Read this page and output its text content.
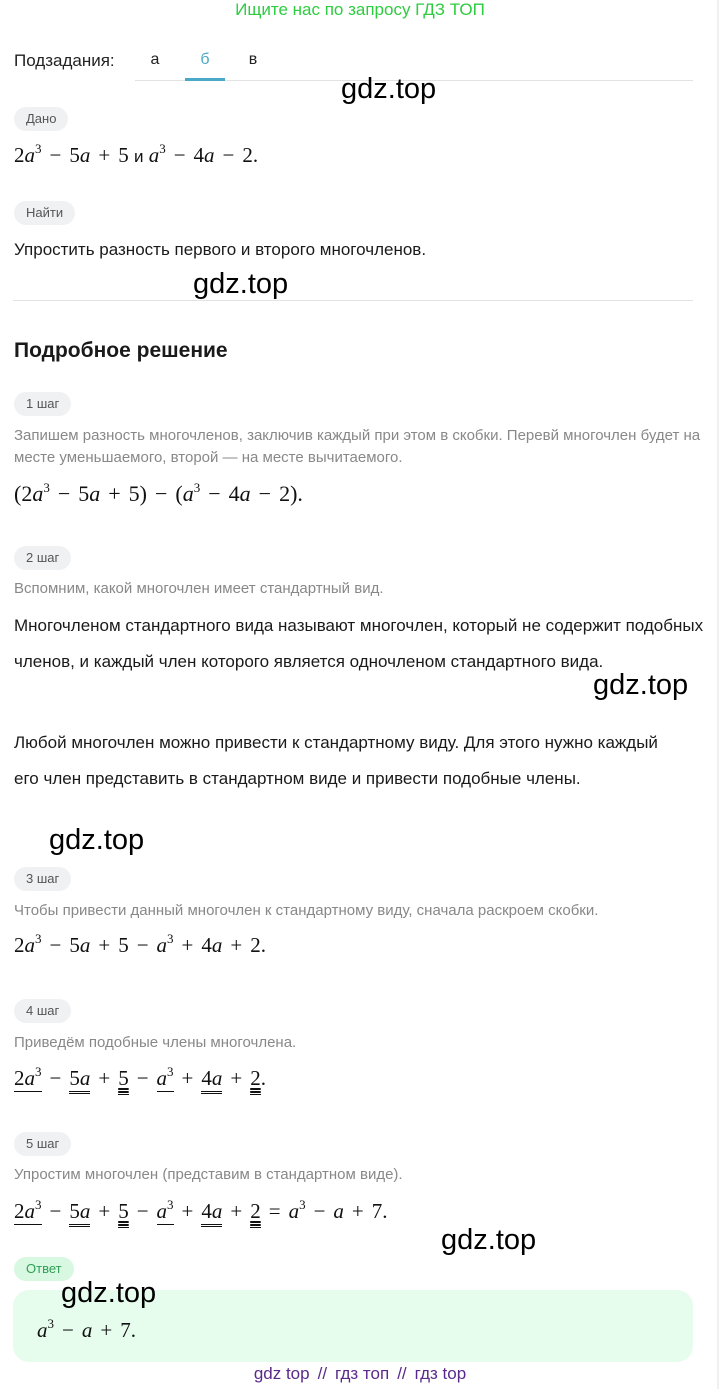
Ищите нас по запросу ГДЗ ТОП
Подзадания:	а	б	в
Дано
$2a^3 - 5a + 5$ и $a^3 - 4a - 2$.
Найти
Упростить разность первого и второго многочленов.
Подробное решение
1 шаг
Запишем разность многочленов, заключив каждый при этом в скобки. Перевй многочлен будет на месте уменьшаемого, второй — на месте вычитаемого.
$(2a^3 - 5a + 5) - (a^3 - 4a - 2)$.
2 шаг
Вспомним, какой многочлен имеет стандартный вид.
Многочленом стандартного вида называют многочлен, который не содержит подобных членов, и каждый член которого является одночленом стандартного вида.
Любой многочлен можно привести к стандартному виду. Для этого нужно каждый его член представить в стандартном виде и привести подобные члены.
3 шаг
Чтобы привести данный многочлен к стандартному виду, сначала раскроем скобки.
$2a^3 - 5a + 5 - a^3 + 4a + 2$.
4 шаг
Приведём подобные члены многочлена.
$2a^3 - 5a + 5 - a^3 + 4a + 2$.
5 шаг
Упростим многочлен (представим в стандартном виде).
$2a^3 - 5a + 5 - a^3 + 4a + 2 = a^3 - a + 7$.
Ответ
$a^3 - a + 7$.
gdz.top
gdz.top
gdz.top
gdz.top
gdz.top
gdz.top
gdz top // гдз топ // гдз top
